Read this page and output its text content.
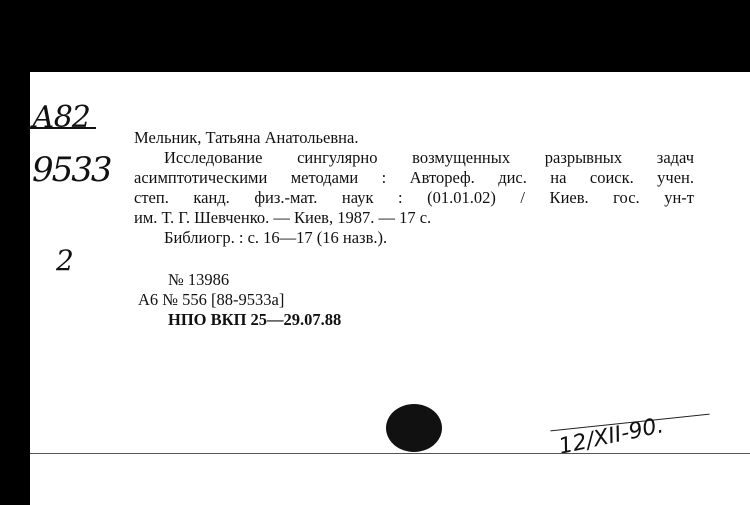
А82
9533
2
Мельник, Татьяна Анатольевна.
Исследование сингулярно возмущенных разрывных задач
асимптотическими методами : Автореф. дис. на соиск. учен.
степ. канд. физ.-мат. наук : (01.01.02) / Киев. гос. ун-т
им. Т. Г. Шевченко. — Киев, 1987. — 17 с.
Библиогр. : с. 16—17 (16 назв.).
№ 13986
А6 № 556 [88-9533а]
НПО ВКП 25—29.07.88
12/XII-90.
